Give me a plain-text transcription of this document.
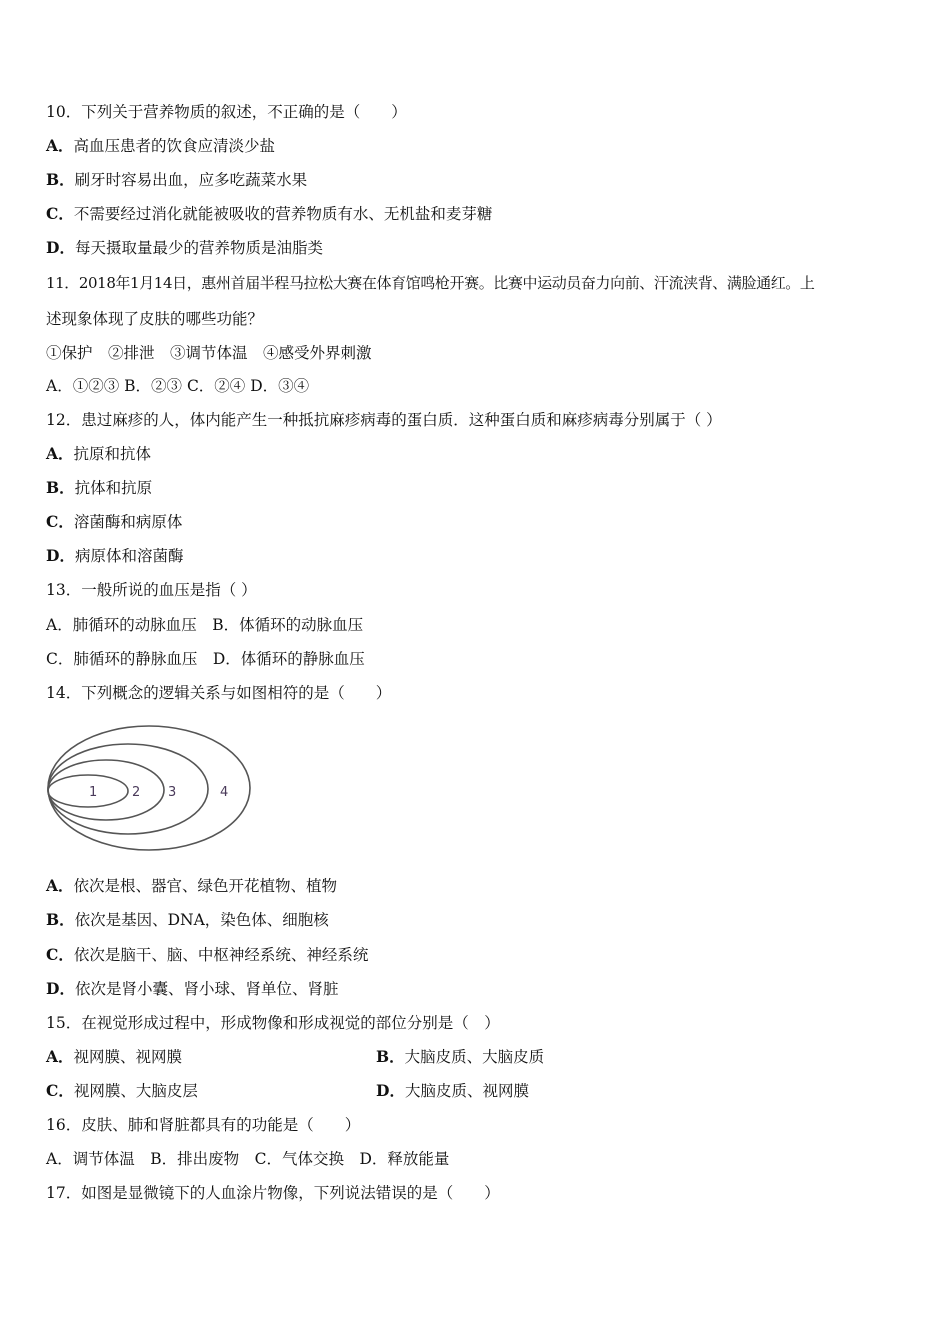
10．下列关于营养物质的叙述，不正确的是（　　）
A．高血压患者的饮食应清淡少盐
B．刷牙时容易出血，应多吃蔬菜水果
C．不需要经过消化就能被吸收的营养物质有水、无机盐和麦芽糖
D．每天摄取量最少的营养物质是油脂类
11．2018年1月14日，惠州首届半程马拉松大赛在体育馆鸣枪开赛。比赛中运动员奋力向前、汗流浃背、满脸通红。上
述现象体现了皮肤的哪些功能？
①保护　②排泄　③调节体温　④感受外界刺激
A．①②③ B．②③ C．②④ D．③④
12．患过麻疹的人，体内能产生一种抵抗麻疹病毒的蛋白质．这种蛋白质和麻疹病毒分别属于（ ）
A．抗原和抗体
B．抗体和抗原
C．溶菌酶和病原体
D．病原体和溶菌酶
13．一般所说的血压是指（ ）
A．肺循环的动脉血压　B．体循环的动脉血压
C．肺循环的静脉血压　D．体循环的静脉血压
14．下列概念的逻辑关系与如图相符的是（　　）
1	2 3	4
A．依次是根、器官、绿色开花植物、植物
B．依次是基因、DNA，染色体、细胞核
C．依次是脑干、脑、中枢神经系统、神经系统
D．依次是肾小囊、肾小球、肾单位、肾脏
15．在视觉形成过程中，形成物像和形成视觉的部位分别是（　）
A．视网膜、视网膜	B．大脑皮质、大脑皮质
C．视网膜、大脑皮层	D．大脑皮质、视网膜
16．皮肤、肺和肾脏都具有的功能是（　　）
A．调节体温　B．排出废物　C．气体交换　D．释放能量
17．如图是显微镜下的人血涂片物像，下列说法错误的是（　　）
